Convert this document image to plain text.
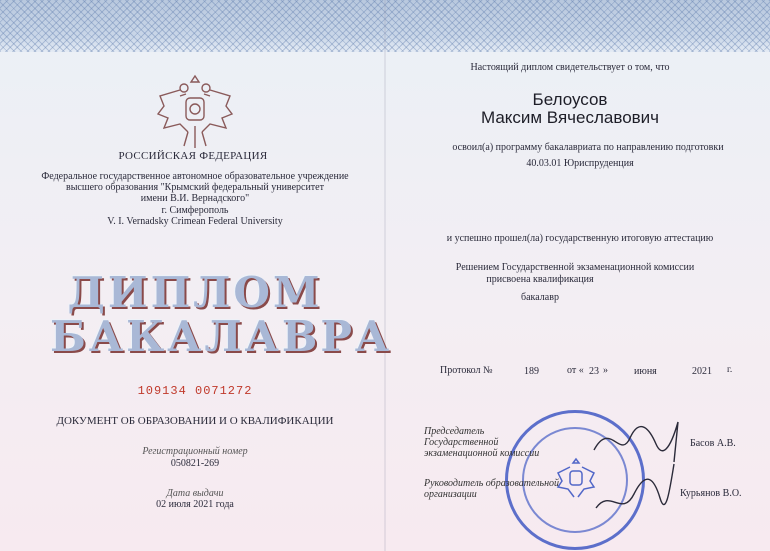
РОССИЙСКАЯ ФЕДЕРАЦИЯ
Федеральное государственное автономное образовательное учреждение
высшего образования "Крымский федеральный университет
имени В.И. Вернадского"
г. Симферополь
V. I. Vernadsky Crimean Federal University
ДИПЛОМ
БАКАЛАВРА
109134 0071272
ДОКУМЕНТ ОБ ОБРАЗОВАНИИ И О КВАЛИФИКАЦИИ
Регистрационный номер
050821-269
Дата выдачи
02 июля 2021 года
Настоящий диплом свидетельствует о том, что
Белоусов
Максим Вячеславович
освоил(а) программу бакалавриата по направлению подготовки
40.03.01 Юриспруденция
и успешно прошел(ла) государственную итоговую аттестацию
Решением Государственной экзаменационной комиссии
присвоена квалификация
бакалавр
Протокол №	189	от « 23 »	июня	2021 г.
Председатель
Государственной
экзаменационной комиссии
Басов А.В.
Руководитель образовательной
организации	Курьянов В.О.
